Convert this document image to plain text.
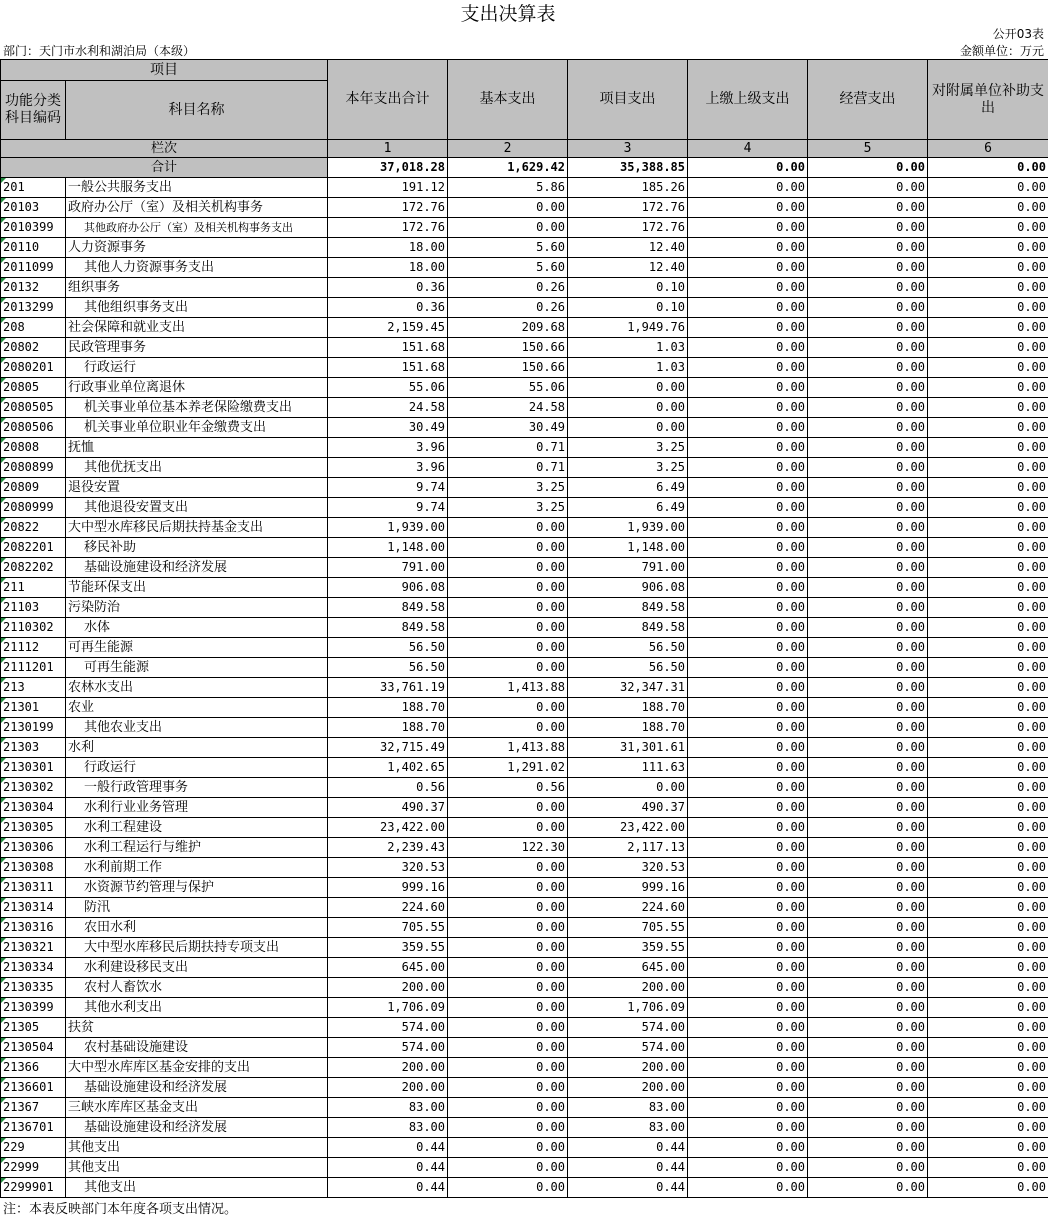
支出决算表
公开03表
部门：天门市水利和湖泊局（本级）	金额单位：万元
项目		本年支出合计	基本支出	项目支出	上缴上级支出	经营支出	对附属单位补助支出
功能分类科目编码	科目名称						
栏次		1	2	3	4	5	6
合计		37,018.28	1,629.42	35,388.85	0.00	0.00	0.00
201	一般公共服务支出	191.12	5.86	185.26	0.00	0.00	0.00
20103	政府办公厅（室）及相关机构事务	172.76	0.00	172.76	0.00	0.00	0.00
2010399	其他政府办公厅（室）及相关机构事务支出	172.76	0.00	172.76	0.00	0.00	0.00
20110	人力资源事务	18.00	5.60	12.40	0.00	0.00	0.00
2011099	其他人力资源事务支出	18.00	5.60	12.40	0.00	0.00	0.00
20132	组织事务	0.36	0.26	0.10	0.00	0.00	0.00
2013299	其他组织事务支出	0.36	0.26	0.10	0.00	0.00	0.00
208	社会保障和就业支出	2,159.45	209.68	1,949.76	0.00	0.00	0.00
20802	民政管理事务	151.68	150.66	1.03	0.00	0.00	0.00
2080201	行政运行	151.68	150.66	1.03	0.00	0.00	0.00
20805	行政事业单位离退休	55.06	55.06	0.00	0.00	0.00	0.00
2080505	机关事业单位基本养老保险缴费支出	24.58	24.58	0.00	0.00	0.00	0.00
2080506	机关事业单位职业年金缴费支出	30.49	30.49	0.00	0.00	0.00	0.00
20808	抚恤	3.96	0.71	3.25	0.00	0.00	0.00
2080899	其他优抚支出	3.96	0.71	3.25	0.00	0.00	0.00
20809	退役安置	9.74	3.25	6.49	0.00	0.00	0.00
2080999	其他退役安置支出	9.74	3.25	6.49	0.00	0.00	0.00
20822	大中型水库移民后期扶持基金支出	1,939.00	0.00	1,939.00	0.00	0.00	0.00
2082201	移民补助	1,148.00	0.00	1,148.00	0.00	0.00	0.00
2082202	基础设施建设和经济发展	791.00	0.00	791.00	0.00	0.00	0.00
211	节能环保支出	906.08	0.00	906.08	0.00	0.00	0.00
21103	污染防治	849.58	0.00	849.58	0.00	0.00	0.00
2110302	水体	849.58	0.00	849.58	0.00	0.00	0.00
21112	可再生能源	56.50	0.00	56.50	0.00	0.00	0.00
2111201	可再生能源	56.50	0.00	56.50	0.00	0.00	0.00
213	农林水支出	33,761.19	1,413.88	32,347.31	0.00	0.00	0.00
21301	农业	188.70	0.00	188.70	0.00	0.00	0.00
2130199	其他农业支出	188.70	0.00	188.70	0.00	0.00	0.00
21303	水利	32,715.49	1,413.88	31,301.61	0.00	0.00	0.00
2130301	行政运行	1,402.65	1,291.02	111.63	0.00	0.00	0.00
2130302	一般行政管理事务	0.56	0.56	0.00	0.00	0.00	0.00
2130304	水利行业业务管理	490.37	0.00	490.37	0.00	0.00	0.00
2130305	水利工程建设	23,422.00	0.00	23,422.00	0.00	0.00	0.00
2130306	水利工程运行与维护	2,239.43	122.30	2,117.13	0.00	0.00	0.00
2130308	水利前期工作	320.53	0.00	320.53	0.00	0.00	0.00
2130311	水资源节约管理与保护	999.16	0.00	999.16	0.00	0.00	0.00
2130314	防汛	224.60	0.00	224.60	0.00	0.00	0.00
2130316	农田水利	705.55	0.00	705.55	0.00	0.00	0.00
2130321	大中型水库移民后期扶持专项支出	359.55	0.00	359.55	0.00	0.00	0.00
2130334	水利建设移民支出	645.00	0.00	645.00	0.00	0.00	0.00
2130335	农村人畜饮水	200.00	0.00	200.00	0.00	0.00	0.00
2130399	其他水利支出	1,706.09	0.00	1,706.09	0.00	0.00	0.00
21305	扶贫	574.00	0.00	574.00	0.00	0.00	0.00
2130504	农村基础设施建设	574.00	0.00	574.00	0.00	0.00	0.00
21366	大中型水库库区基金安排的支出	200.00	0.00	200.00	0.00	0.00	0.00
2136601	基础设施建设和经济发展	200.00	0.00	200.00	0.00	0.00	0.00
21367	三峡水库库区基金支出	83.00	0.00	83.00	0.00	0.00	0.00
2136701	基础设施建设和经济发展	83.00	0.00	83.00	0.00	0.00	0.00
229	其他支出	0.44	0.00	0.44	0.00	0.00	0.00
22999	其他支出	0.44	0.00	0.44	0.00	0.00	0.00
2299901	其他支出	0.44	0.00	0.44	0.00	0.00	0.00
注：本表反映部门本年度各项支出情况。
